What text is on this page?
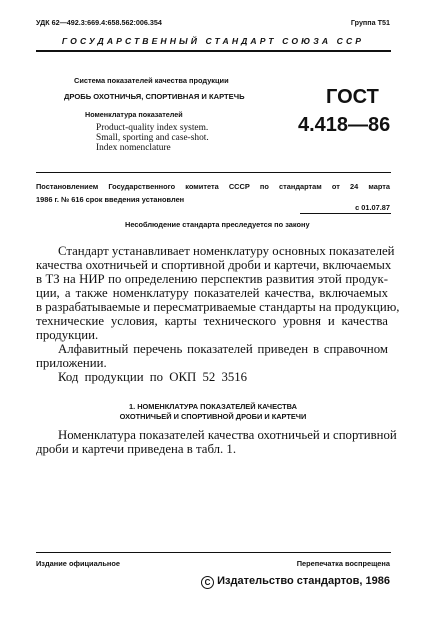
УДК 62—492.3:669.4:658.562:006.354	Группа Т51
ГОСУДАРСТВЕННЫЙ СТАНДАРТ СОЮЗА ССР
Система показателей качества продукции
ДРОБЬ ОХОТНИЧЬЯ, СПОРТИВНАЯ И КАРТЕЧЬ
Номенклатура показателей
Product-quality index system.
Small, sporting and case-shot.
Index nomenclature
ГОСТ
4.418—86
Постановлением Государственного комитета СССР по стандартам от 24 марта
1986 г. № 616 срок введения установлен
с 01.07.87
Несоблюдение стандарта преследуется по закону
Стандарт устанавливает номенклатуру основных показателей
качества охотничьей и спортивной дроби и картечи, включаемых
в ТЗ на НИР по определению перспектив развития этой продук-
ции, а также номенклатуру показателей качества, включаемых
в разрабатываемые и пересматриваемые стандарты на продукцию,
технические условия, карты технического уровня и качества
продукции.
Алфавитный перечень показателей приведен в справочном
приложении.
Код продукции по ОКП 52 3516
1. НОМЕНКЛАТУРА ПОКАЗАТЕЛЕЙ КАЧЕСТВА
ОХОТНИЧЬЕЙ И СПОРТИВНОЙ ДРОБИ И КАРТЕЧИ
Номенклатура показателей качества охотничьей и спортивной
дроби и картечи приведена в табл. 1.
Издание официальное	Перепечатка воспрещена
C Издательство стандартов, 1986
